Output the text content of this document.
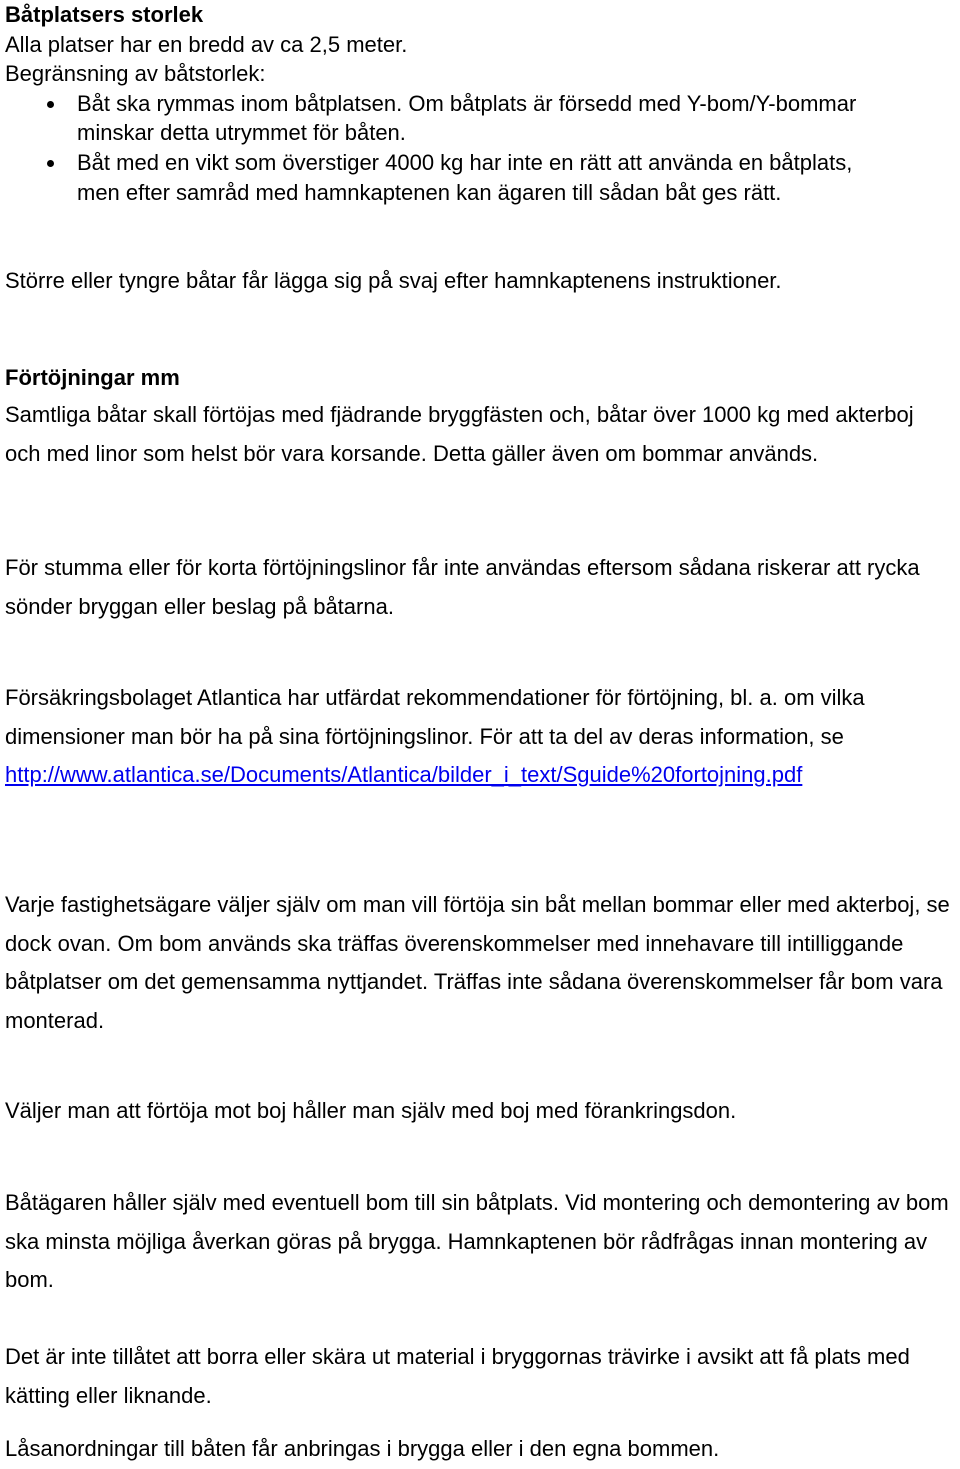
Båtplatsers storlek

Alla platser har en bredd av ca 2,5 meter.

Begränsning av båtstorlek:

Båt ska rymmas inom båtplatsen. Om båtplats är försedd med Y-bom/Y-bommar minskar detta utrymmet för båten.
Båt med en vikt som överstiger 4000 kg har inte en rätt att använda en båtplats, men efter samråd med hamnkaptenen kan ägaren till sådan båt ges rätt.

Större eller tyngre båtar får lägga sig på svaj efter hamnkaptenens instruktioner.

Förtöjningar mm

Samtliga båtar skall förtöjas med fjädrande bryggfästen och, båtar över 1000 kg med akterboj och med linor som helst bör vara korsande. Detta gäller även om bommar används.

För stumma eller för korta förtöjningslinor får inte användas eftersom sådana riskerar att rycka sönder bryggan eller beslag på båtarna.

Försäkringsbolaget Atlantica har utfärdat rekommendationer för förtöjning, bl. a. om vilka dimensioner man bör ha på sina förtöjningslinor. För att ta del av deras information, se
http://www.atlantica.se/Documents/Atlantica/bilder_i_text/Sguide%20fortojning.pdf

Varje fastighetsägare väljer själv om man vill förtöja sin båt mellan bommar eller med akterboj, se dock ovan. Om bom används ska träffas överenskommelser med innehavare till intilliggande båtplatser om det gemensamma nyttjandet. Träffas inte sådana överenskommelser får bom vara monterad.

Väljer man att förtöja mot boj håller man själv med boj med förankringsdon.

Båtägaren håller själv med eventuell bom till sin båtplats. Vid montering och demontering av bom ska minsta möjliga åverkan göras på brygga. Hamnkaptenen bör rådfrågas innan montering av bom.

Det är inte tillåtet att borra eller skära ut material i bryggornas trävirke i avsikt att få plats med kätting eller liknande.

Låsanordningar till båten får anbringas i brygga eller i den egna bommen.
